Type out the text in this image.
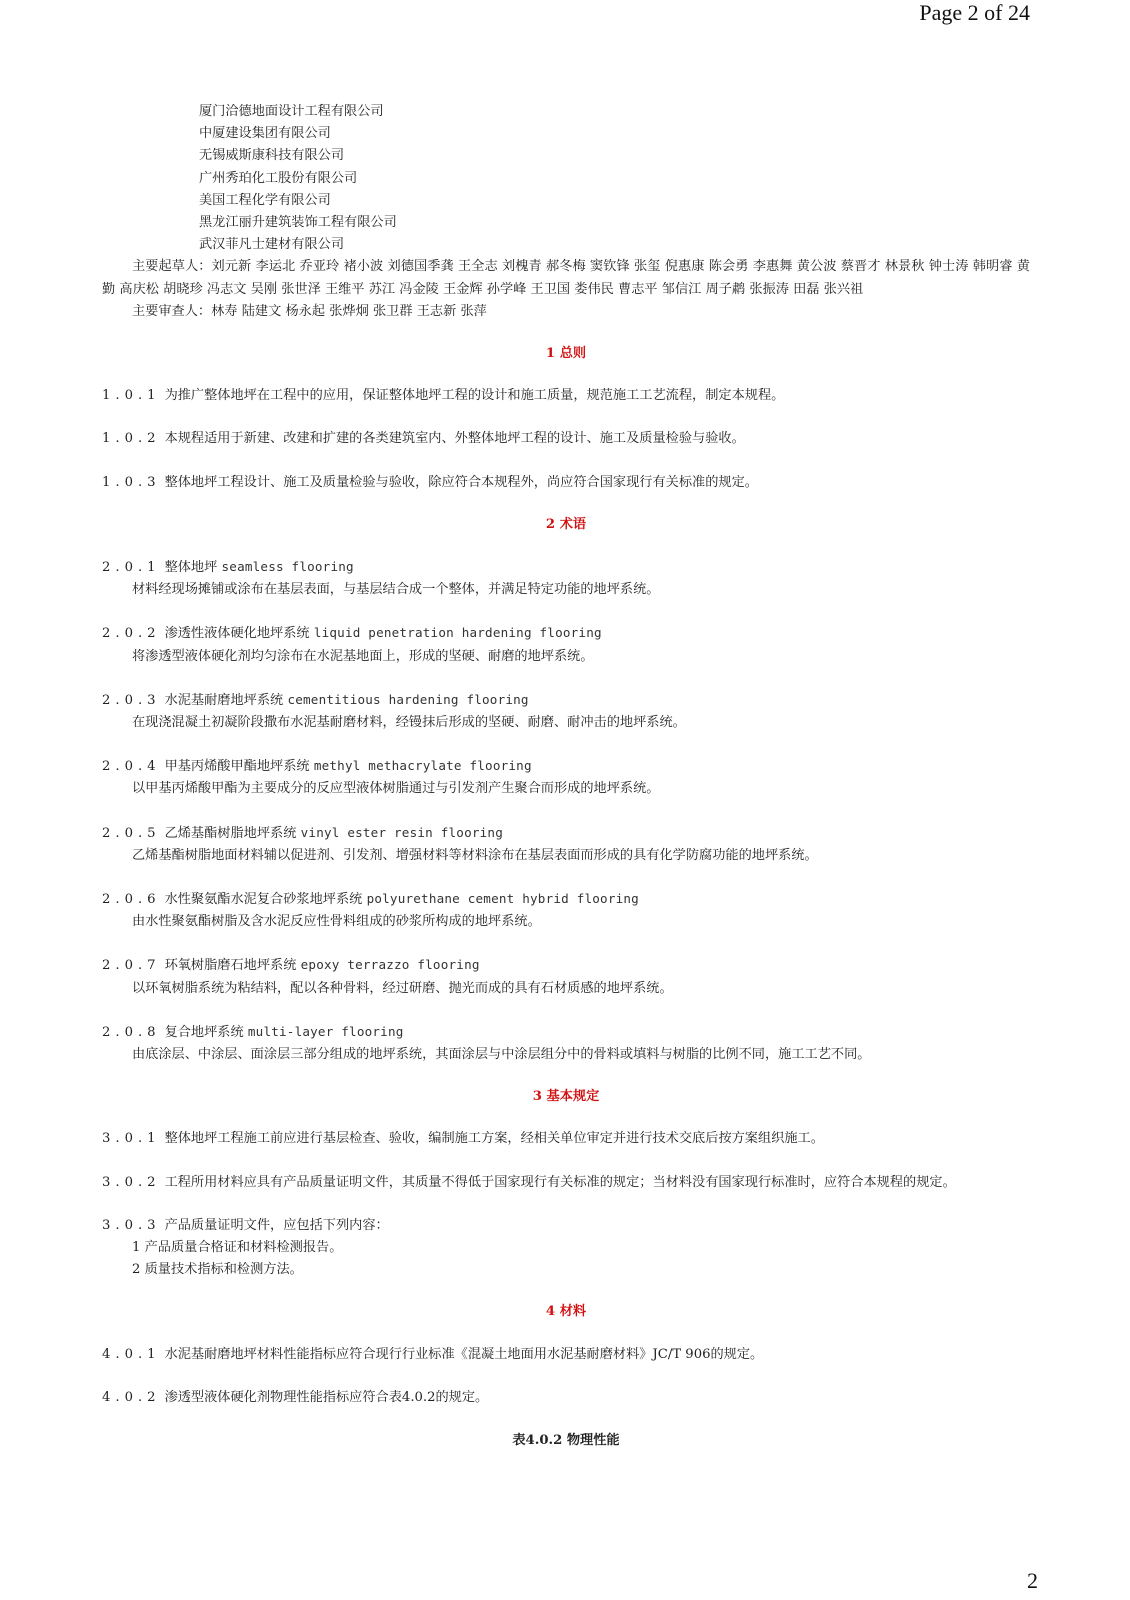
Page 2 of 24
厦门洽德地面设计工程有限公司
中厦建设集团有限公司
无锡威斯康科技有限公司
广州秀珀化工股份有限公司
美国工程化学有限公司
黑龙江丽升建筑装饰工程有限公司
武汉菲凡士建材有限公司
主要起草人：刘元新 李运北 乔亚玲 褚小波 刘德国季龚 王全志 刘槐青 郝冬梅 窦钦锋 张玺 倪惠康 陈会勇 李惠舞 黄公波 蔡晋才 林景秋 钟士涛 韩明睿 黄勤 高庆松 胡晓珍 冯志文 吴刚 张世泽 王维平 苏江 冯金陵 王金辉 孙学峰 王卫国 娄伟民 曹志平 邹信江 周子鹔 张振涛 田磊 张兴祖
主要审查人：林寿 陆建文 杨永起 张烨炯 张卫群 王志新 张萍
1 总则
1.0.1 为推广整体地坪在工程中的应用，保证整体地坪工程的设计和施工质量，规范施工工艺流程，制定本规程。
1.0.2 本规程适用于新建、改建和扩建的各类建筑室内、外整体地坪工程的设计、施工及质量检验与验收。
1.0.3 整体地坪工程设计、施工及质量检验与验收，除应符合本规程外，尚应符合国家现行有关标准的规定。
2 术语
2.0.1 整体地坪 seamless flooring
材料经现场摊铺或涂布在基层表面，与基层结合成一个整体，并满足特定功能的地坪系统。
2.0.2 渗透性液体硬化地坪系统 liquid penetration hardening flooring
将渗透型液体硬化剂均匀涂布在水泥基地面上，形成的坚硬、耐磨的地坪系统。
2.0.3 水泥基耐磨地坪系统 cementitious hardening flooring
在现浇混凝土初凝阶段撒布水泥基耐磨材料，经镘抹后形成的坚硬、耐磨、耐冲击的地坪系统。
2.0.4 甲基丙烯酸甲酯地坪系统 methyl methacrylate flooring
以甲基丙烯酸甲酯为主要成分的反应型液体树脂通过与引发剂产生聚合而形成的地坪系统。
2.0.5 乙烯基酯树脂地坪系统 vinyl ester resin flooring
乙烯基酯树脂地面材料辅以促进剂、引发剂、增强材料等材料涂布在基层表面而形成的具有化学防腐功能的地坪系统。
2.0.6 水性聚氨酯水泥复合砂浆地坪系统 polyurethane cement hybrid flooring
由水性聚氨酯树脂及含水泥反应性骨料组成的砂浆所构成的地坪系统。
2.0.7 环氧树脂磨石地坪系统 epoxy terrazzo flooring
以环氧树脂系统为粘结料，配以各种骨料，经过研磨、抛光而成的具有石材质感的地坪系统。
2.0.8 复合地坪系统 multi-layer flooring
由底涂层、中涂层、面涂层三部分组成的地坪系统，其面涂层与中涂层组分中的骨料或填料与树脂的比例不同，施工工艺不同。
3 基本规定
3.0.1 整体地坪工程施工前应进行基层检查、验收，编制施工方案，经相关单位审定并进行技术交底后按方案组织施工。
3.0.2 工程所用材料应具有产品质量证明文件，其质量不得低于国家现行有关标准的规定；当材料没有国家现行标准时，应符合本规程的规定。
3.0.3 产品质量证明文件，应包括下列内容：
1 产品质量合格证和材料检测报告。
2 质量技术指标和检测方法。
4 材料
4.0.1 水泥基耐磨地坪材料性能指标应符合现行行业标准《混凝土地面用水泥基耐磨材料》JC/T 906的规定。
4.0.2 渗透型液体硬化剂物理性能指标应符合表4.0.2的规定。
表4.0.2 物理性能
2
